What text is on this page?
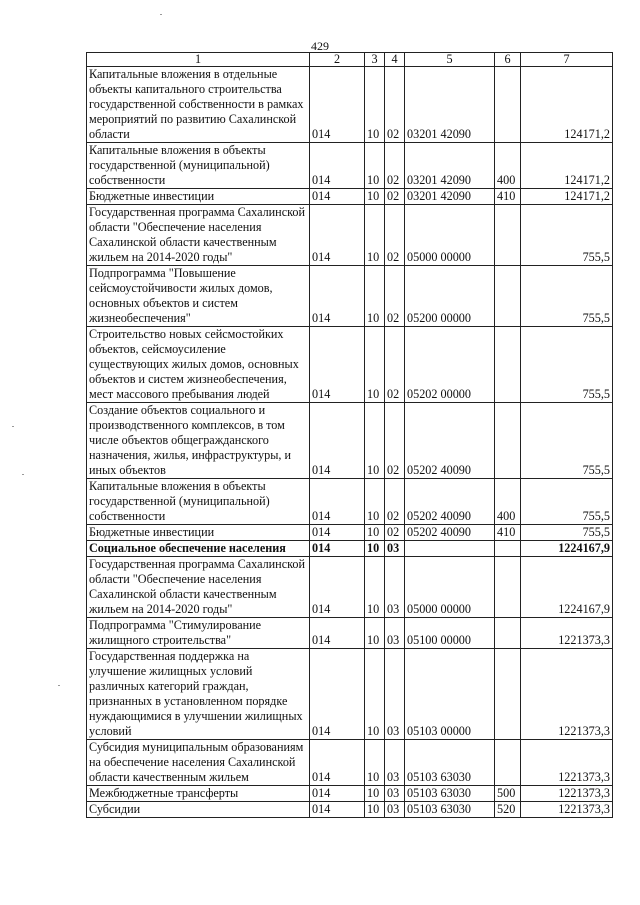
429
1	2	3	4	5	6	7
Капитальные вложения в отдельные объекты капитального строительства государственной собственности в рамках мероприятий по развитию Сахалинской области	014	10	02	03201 42090		124171,2
Капитальные вложения в объекты государственной (муниципальной) собственности	014	10	02	03201 42090	400	124171,2
Бюджетные инвестиции	014	10	02	03201 42090	410	124171,2
Государственная программа Сахалинской области "Обеспечение населения Сахалинской области качественным жильем на 2014-2020 годы"	014	10	02	05000 00000		755,5
Подпрограмма "Повышение сейсмоустойчивости жилых домов, основных объектов и систем жизнеобеспечения"	014	10	02	05200 00000		755,5
Строительство новых сейсмостойких объектов, сейсмоусиление существующих жилых домов, основных объектов и систем жизнеобеспечения, мест массового пребывания людей	014	10	02	05202 00000		755,5
Создание объектов социального и производственного комплексов, в том числе объектов общегражданского назначения, жилья, инфраструктуры, и иных объектов	014	10	02	05202 40090		755,5
Капитальные вложения в объекты государственной (муниципальной) собственности	014	10	02	05202 40090	400	755,5
Бюджетные инвестиции	014	10	02	05202 40090	410	755,5
Социальное обеспечение населения	014	10	03			1224167,9
Государственная программа Сахалинской области "Обеспечение населения Сахалинской области качественным жильем на 2014-2020 годы"	014	10	03	05000 00000		1224167,9
Подпрограмма "Стимулирование жилищного строительства"	014	10	03	05100 00000		1221373,3
Государственная поддержка на улучшение жилищных условий различных категорий граждан, признанных в установленном порядке нуждающимися в улучшении жилищных условий	014	10	03	05103 00000		1221373,3
Субсидия муниципальным образованиям на обеспечение населения Сахалинской области качественным жильем	014	10	03	05103 63030		1221373,3
Межбюджетные трансферты	014	10	03	05103 63030	500	1221373,3
Субсидии	014	10	03	05103 63030	520	1221373,3
